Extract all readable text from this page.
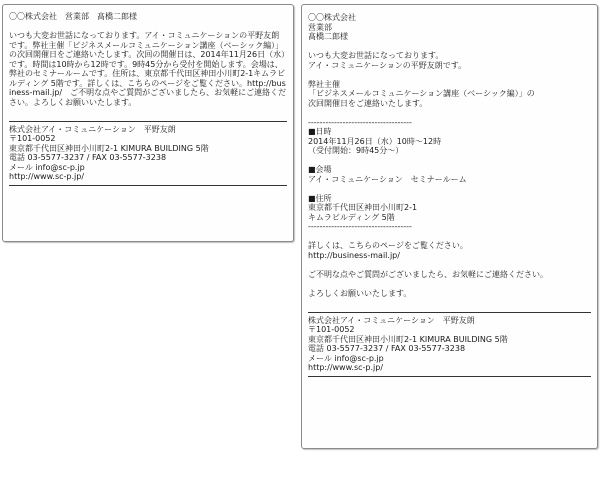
〇〇株式会社　営業部　髙橋二郎様
いつも大変お世話になっております。アイ・コミュニケーションの平野友朗です。弊社主催「ビジネスメールコミュニケーション講座（ベーシック編）」の次回開催日をご連絡いたします。次回の開催日は、2014年11月26日（水）です。時間は10時から12時です。9時45分から受付を開始します。会場は、弊社のセミナールームです。住所は、東京都千代田区神田小川町2-1キムラビルディング 5階です。詳しくは、こちらのページをご覧ください。http://business-mail.jp/　ご不明な点やご質問がございましたら、お気軽にご連絡ください。よろしくお願いいたします。
株式会社アイ・コミュニケーション　平野友朗
〒101-0052
東京都千代田区神田小川町2-1 KIMURA BUILDING 5階
電話 03-5577-3237 / FAX 03-5577-3238
メール info@sc-p.jp
http://www.sc-p.jp/
〇〇株式会社
営業部
髙橋二郎様
いつも大変お世話になっております。
アイ・コミュニケーションの平野友朗です。
弊社主催
「ビジネスメールコミュニケーション講座（ベーシック編）」の
次回開催日をご連絡いたします。
------------------------------------
■日時
2014年11月26日（水）10時～12時
（受付開始：9時45分～）
■会場
アイ・コミュニケーション　セミナールーム
■住所
東京都千代田区神田小川町2-1
キムラビルディング 5階
------------------------------------
詳しくは、こちらのページをご覧ください。
http://business-mail.jp/
ご不明な点やご質問がございましたら、お気軽にご連絡ください。
よろしくお願いいたします。
株式会社アイ・コミュニケーション　平野友朗
〒101-0052
東京都千代田区神田小川町2-1 KIMURA BUILDING 5階
電話 03-5577-3237 / FAX 03-5577-3238
メール info@sc-p.jp
http://www.sc-p.jp/
